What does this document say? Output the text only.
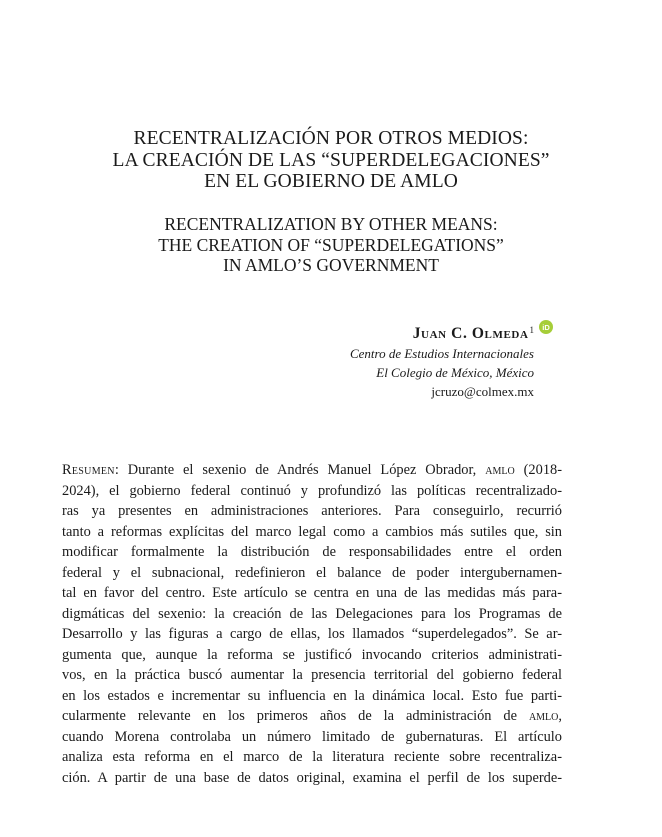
RECENTRALIZACIÓN POR OTROS MEDIOS:
LA CREACIÓN DE LAS “SUPERDELEGACIONES”
EN EL GOBIERNO DE AMLO
RECENTRALIZATION BY OTHER MEANS:
THE CREATION OF “SUPERDELEGATIONS”
IN AMLO’S GOVERNMENT
Juan C. Olmeda$^1$ iD
Centro de Estudios Internacionales
El Colegio de México, México
jcruzo@colmex.mx
Resumen: Durante el sexenio de Andrés Manuel López Obrador, amlo (2018-
2024), el gobierno federal continuó y profundizó las políticas recentralizado-
ras ya presentes en administraciones anteriores. Para conseguirlo, recurrió
tanto a reformas explícitas del marco legal como a cambios más sutiles que, sin
modificar formalmente la distribución de responsabilidades entre el orden
federal y el subnacional, redefinieron el balance de poder intergubernamen-
tal en favor del centro. Este artículo se centra en una de las medidas más para-
digmáticas del sexenio: la creación de las Delegaciones para los Programas de
Desarrollo y las figuras a cargo de ellas, los llamados “superdelegados”. Se ar-
gumenta que, aunque la reforma se justificó invocando criterios administrati-
vos, en la práctica buscó aumentar la presencia territorial del gobierno federal
en los estados e incrementar su influencia en la dinámica local. Esto fue parti-
cularmente relevante en los primeros años de la administración de amlo,
cuando Morena controlaba un número limitado de gubernaturas. El artículo
analiza esta reforma en el marco de la literatura reciente sobre recentraliza-
ción. A partir de una base de datos original, examina el perfil de los superde-
